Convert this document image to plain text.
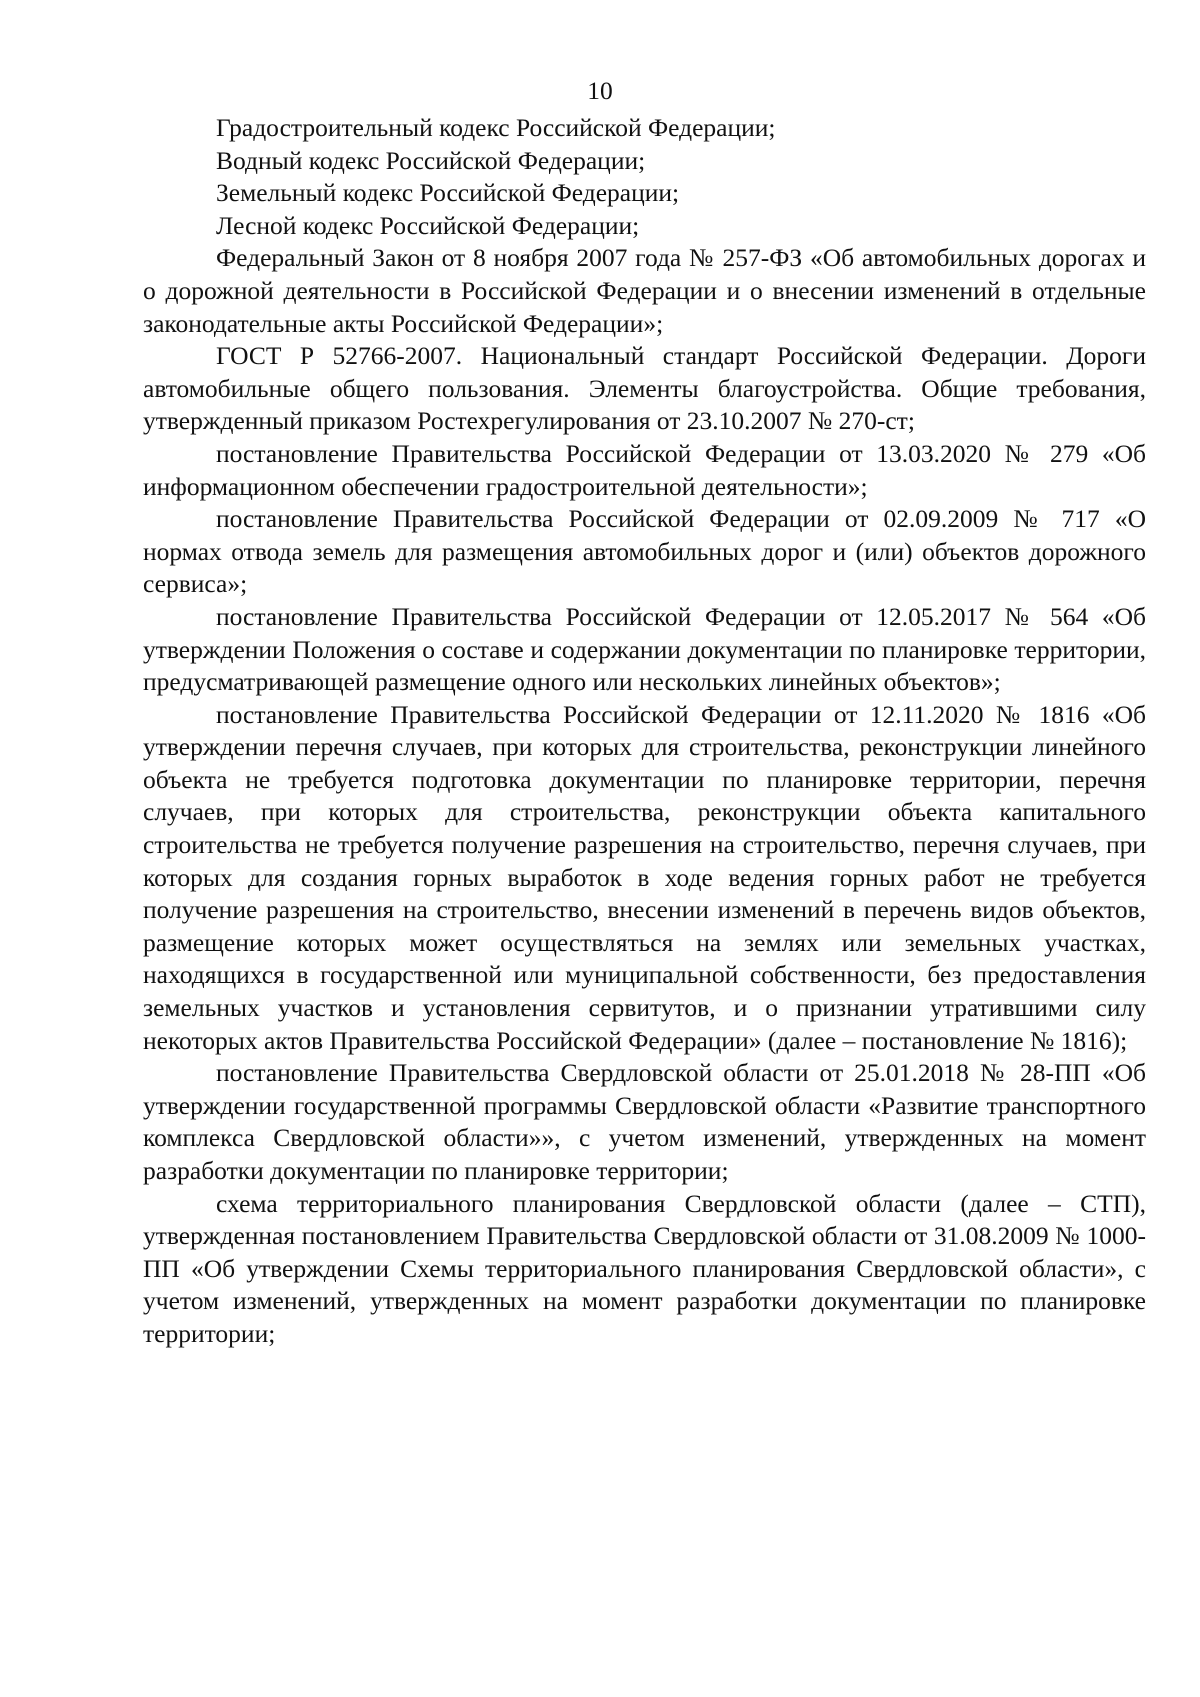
10

Градостроительный кодекс Российской Федерации;

Водный кодекс Российской Федерации;

Земельный кодекс Российской Федерации;

Лесной кодекс Российской Федерации;

Федеральный Закон от 8 ноября 2007 года № 257-ФЗ «Об автомобильных дорогах и о дорожной деятельности в Российской Федерации и о внесении изменений в отдельные законодательные акты Российской Федерации»;

ГОСТ Р 52766-2007. Национальный стандарт Российской Федерации. Дороги автомобильные общего пользования. Элементы благоустройства. Общие требования, утвержденный приказом Ростехрегулирования от 23.10.2007 № 270-ст;

постановление Правительства Российской Федерации от 13.03.2020 № 279 «Об информационном обеспечении градостроительной деятельности»;

постановление Правительства Российской Федерации от 02.09.2009 № 717 «О нормах отвода земель для размещения автомобильных дорог и (или) объектов дорожного сервиса»;

постановление Правительства Российской Федерации от 12.05.2017 № 564 «Об утверждении Положения о составе и содержании документации по планировке территории, предусматривающей размещение одного или нескольких линейных объектов»;

постановление Правительства Российской Федерации от 12.11.2020 № 1816 «Об утверждении перечня случаев, при которых для строительства, реконструкции линейного объекта не требуется подготовка документации по планировке территории, перечня случаев, при которых для строительства, реконструкции объекта капитального строительства не требуется получение разрешения на строительство, перечня случаев, при которых для создания горных выработок в ходе ведения горных работ не требуется получение разрешения на строительство, внесении изменений в перечень видов объектов, размещение которых может осуществляться на землях или земельных участках, находящихся в государственной или муниципальной собственности, без предоставления земельных участков и установления сервитутов, и о признании утратившими силу некоторых актов Правительства Российской Федерации» (далее – постановление № 1816);

постановление Правительства Свердловской области от 25.01.2018 № 28-ПП «Об утверждении государственной программы Свердловской области «Развитие транспортного комплекса Свердловской области»», с учетом изменений, утвержденных на момент разработки документации по планировке территории;

схема территориального планирования Свердловской области (далее – СТП), утвержденная постановлением Правительства Свердловской области от 31.08.2009 № 1000-ПП «Об утверждении Схемы территориального планирования Свердловской области», с учетом изменений, утвержденных на момент разработки документации по планировке территории;
